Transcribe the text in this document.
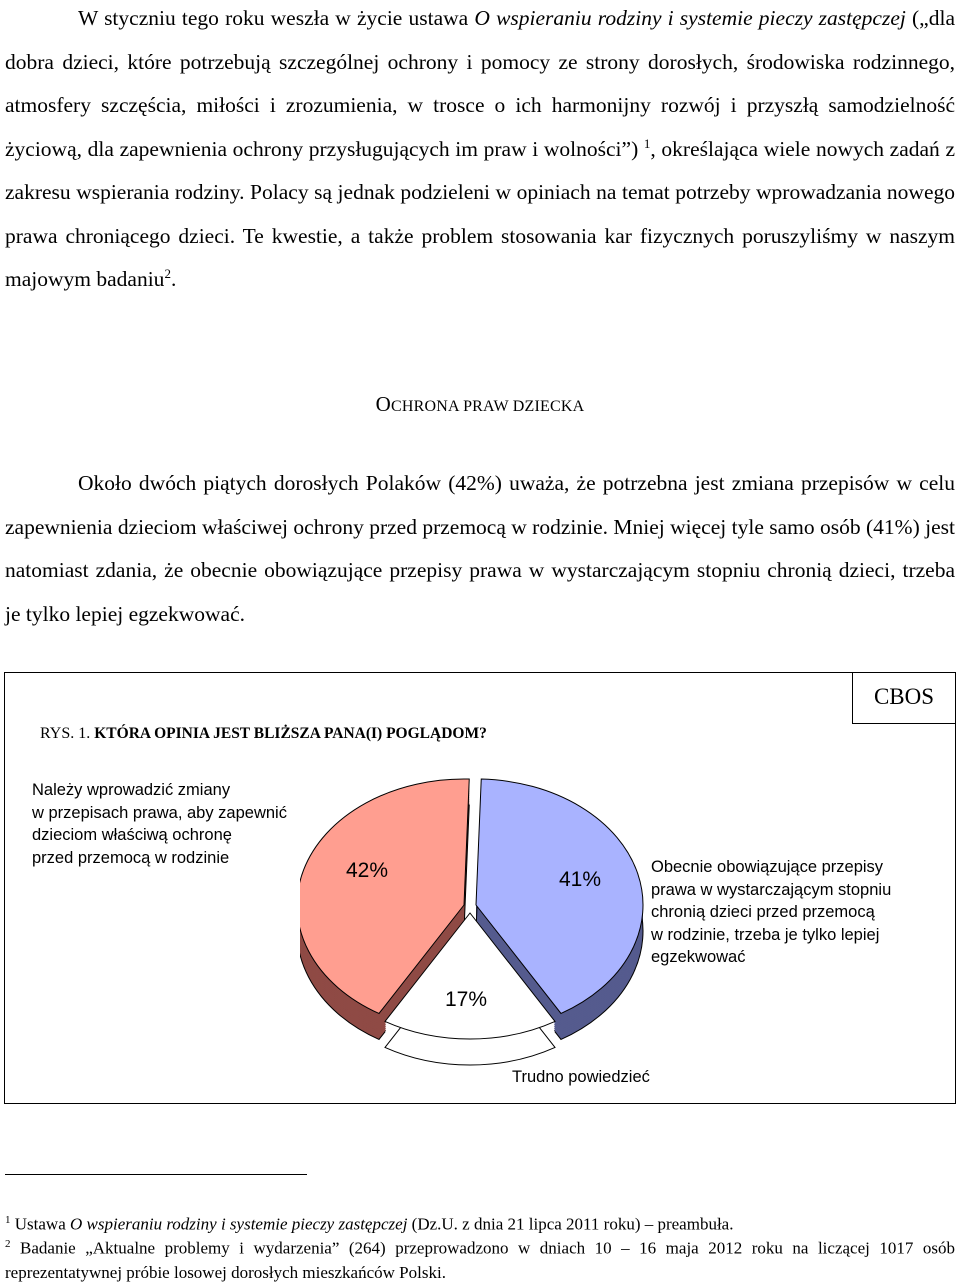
W styczniu tego roku weszła w życie ustawa O wspieraniu rodziny i systemie pieczy zastępczej („dla dobra dzieci, które potrzebują szczególnej ochrony i pomocy ze strony dorosłych, środowiska rodzinnego, atmosfery szczęścia, miłości i zrozumienia, w trosce o ich harmonijny rozwój i przyszłą samodzielność życiową, dla zapewnienia ochrony przysługujących im praw i wolności”) $^1$, określająca wiele nowych zadań z zakresu wspierania rodziny. Polacy są jednak podzieleni w opiniach na temat potrzeby wprowadzania nowego prawa chroniącego dzieci. Te kwestie, a także problem stosowania kar fizycznych poruszyliśmy w naszym majowym badaniu$^2$.

OCHRONA PRAW DZIECKA

Około dwóch piątych dorosłych Polaków (42%) uważa, że potrzebna jest zmiana przepisów w celu zapewnienia dzieciom właściwej ochrony przed przemocą w rodzinie. Mniej więcej tyle samo osób (41%) jest natomiast zdania, że obecnie obowiązujące przepisy prawa w wystarczającym stopniu chronią dzieci, trzeba je tylko lepiej egzekwować.

CBOS
RYS. 1. KTÓRA OPINIA JEST BLIŻSZA PANA(I) POGLĄDOM?
Należy wprowadzić zmiany
w przepisach prawa, aby zapewnić
dzieciom właściwą ochronę
przed przemocą w rodzinie
Obecnie obowiązujące przepisy
prawa w wystarczającym stopniu
chronią dzieci przed przemocą
w rodzinie, trzeba je tylko lepiej
egzekwować
Trudno powiedzieć
42%	41%
17%

$^1$ Ustawa O wspieraniu rodziny i systemie pieczy zastępczej (Dz.U. z dnia 21 lipca 2011 roku) – preambuła.

$^2$ Badanie „Aktualne problemy i wydarzenia” (264) przeprowadzono w dniach 10 – 16 maja 2012 roku na liczącej 1017 osób reprezentatywnej próbie losowej dorosłych mieszkańców Polski.
